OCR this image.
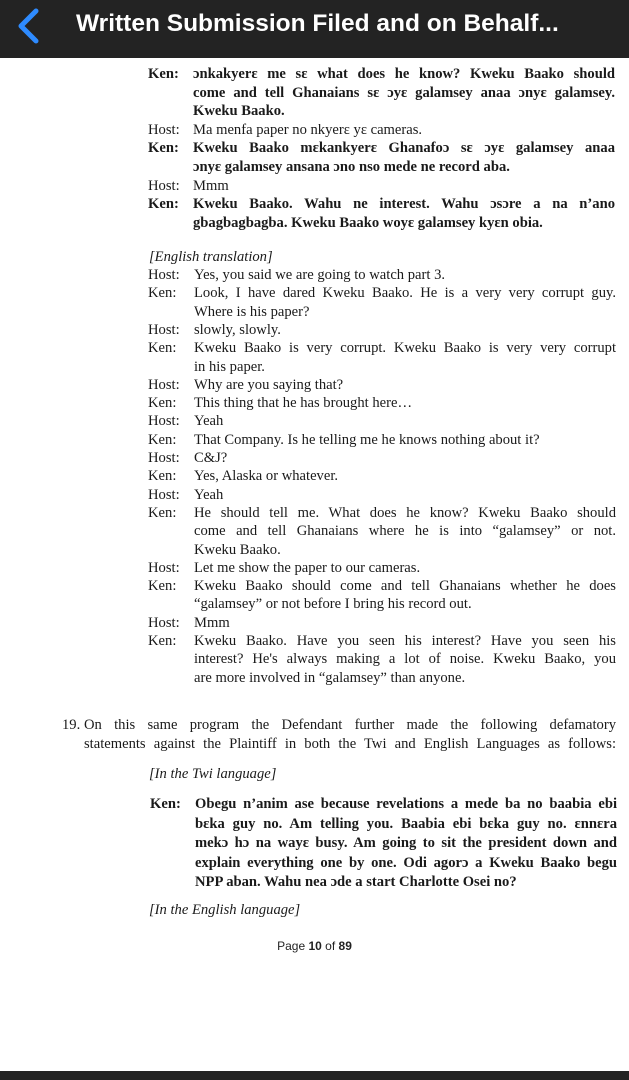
Written Submission Filed and on Behalf...
Ken: ɔnkakyerɛ me sɛ what does he know? Kweku Baako should
come and tell Ghanaians sɛ ɔyɛ galamsey anaa ɔnyɛ galamsey.
Kweku Baako.
Host: Ma menfa paper no nkyerɛ yɛ cameras.
Ken: Kweku Baako mɛkankyerɛ Ghanafoɔ sɛ ɔyɛ galamsey anaa
ɔnyɛ galamsey ansana ɔno nso mede ne record aba.
Host: Mmm
Ken: Kweku Baako. Wahu ne interest. Wahu ɔsɔre a na n’ano
gbagbagbagba. Kweku Baako woyɛ galamsey kyɛn obia.
[English translation]
Host: Yes, you said we are going to watch part 3.
Ken: Look, I have dared Kweku Baako. He is a very very corrupt guy.
Where is his paper?
Host: slowly, slowly.
Ken: Kweku Baako is very corrupt. Kweku Baako is very very corrupt
in his paper.
Host: Why are you saying that?
Ken: This thing that he has brought here…
Host: Yeah
Ken: That Company. Is he telling me he knows nothing about it?
Host: C&J?
Ken: Yes, Alaska or whatever.
Host: Yeah
Ken: He should tell me. What does he know? Kweku Baako should
come and tell Ghanaians where he is into “galamsey” or not.
Kweku Baako.
Host: Let me show the paper to our cameras.
Ken: Kweku Baako should come and tell Ghanaians whether he does
“galamsey” or not before I bring his record out.
Host: Mmm
Ken: Kweku Baako. Have you seen his interest? Have you seen his
interest? He's always making a lot of noise. Kweku Baako, you
are more involved in “galamsey” than anyone.
19. On this same program the Defendant further made the following defamatory
statements against the Plaintiff in both the Twi and English Languages as follows:
[In the Twi language]
Ken: Obegu n’anim ase because revelations a mede ba no baabia ebi
bɛka guy no. Am telling you. Baabia ebi bɛka guy no. ɛnnɛra
mekɔ hɔ na wayɛ busy. Am going to sit the president down and
explain everything one by one. Odi agorɔ a Kweku Baako begu
NPP aban. Wahu nea ɔde a start Charlotte Osei no?
[In the English language]
Page 10 of 89
